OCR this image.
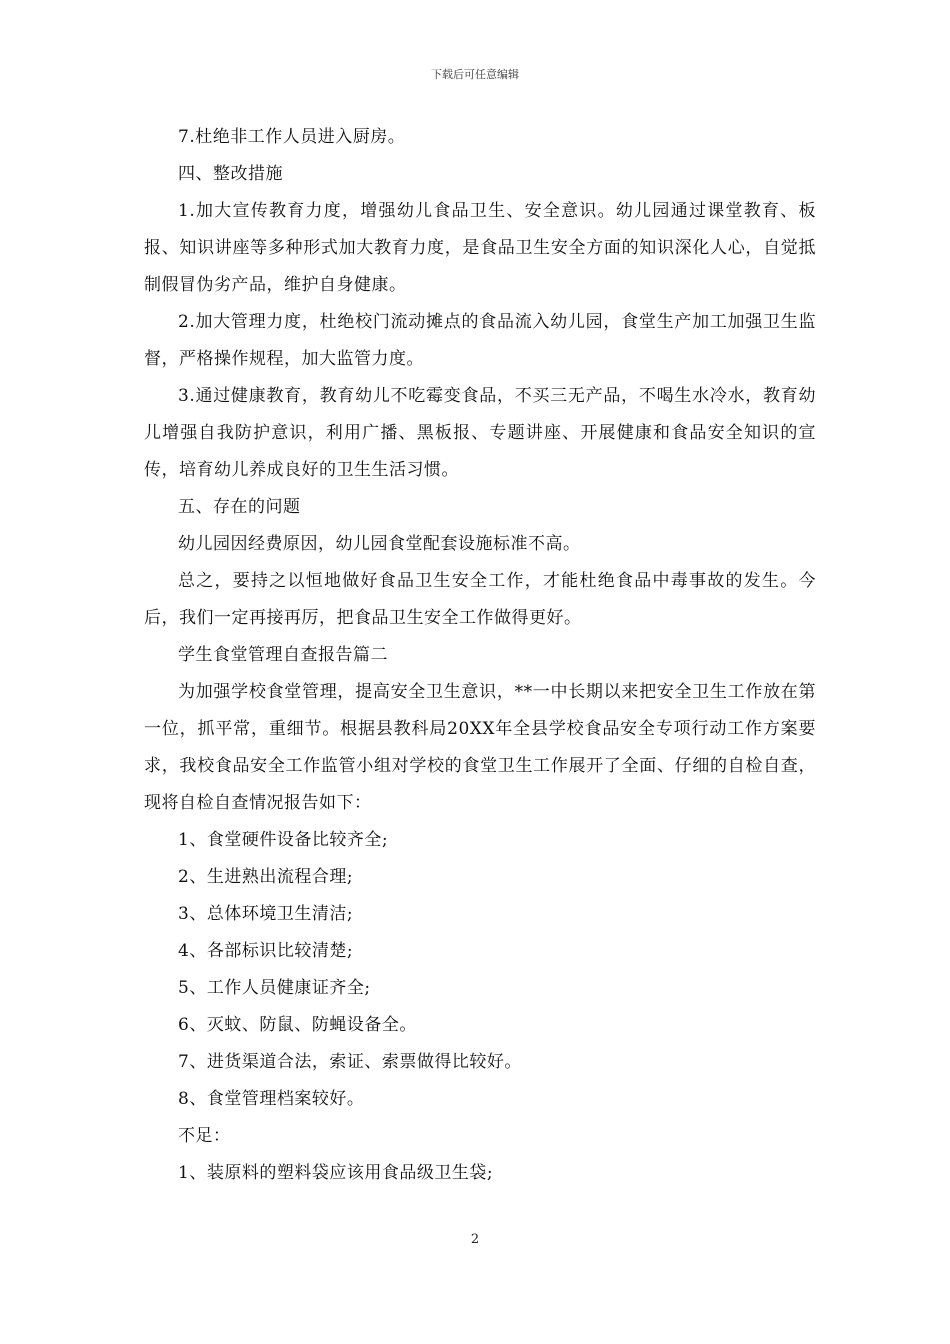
下载后可任意编辑

7.杜绝非工作人员进入厨房。

四、整改措施

1.加大宣传教育力度，增强幼儿食品卫生、安全意识。幼儿园通过课堂教育、板报、知识讲座等多种形式加大教育力度，是食品卫生安全方面的知识深化人心，自觉抵制假冒伪劣产品，维护自身健康。

2.加大管理力度，杜绝校门流动摊点的食品流入幼儿园，食堂生产加工加强卫生监督，严格操作规程，加大监管力度。

3.通过健康教育，教育幼儿不吃霉变食品，不买三无产品，不喝生水冷水，教育幼儿增强自我防护意识，利用广播、黑板报、专题讲座、开展健康和食品安全知识的宣传，培育幼儿养成良好的卫生生活习惯。

五、存在的问题

幼儿园因经费原因，幼儿园食堂配套设施标准不高。

总之，要持之以恒地做好食品卫生安全工作，才能杜绝食品中毒事故的发生。今后，我们一定再接再厉，把食品卫生安全工作做得更好。

学生食堂管理自查报告篇二

为加强学校食堂管理，提高安全卫生意识，**一中长期以来把安全卫生工作放在第一位，抓平常，重细节。根据县教科局20XX年全县学校食品安全专项行动工作方案要求，我校食品安全工作监管小组对学校的食堂卫生工作展开了全面、仔细的自检自查，现将自检自查情况报告如下：

1、食堂硬件设备比较齐全;

2、生进熟出流程合理;

3、总体环境卫生清洁;

4、各部标识比较清楚;

5、工作人员健康证齐全;

6、灭蚊、防鼠、防蝇设备全。

7、进货渠道合法，索证、索票做得比较好。

8、食堂管理档案较好。

不足：

1、装原料的塑料袋应该用食品级卫生袋;

2
